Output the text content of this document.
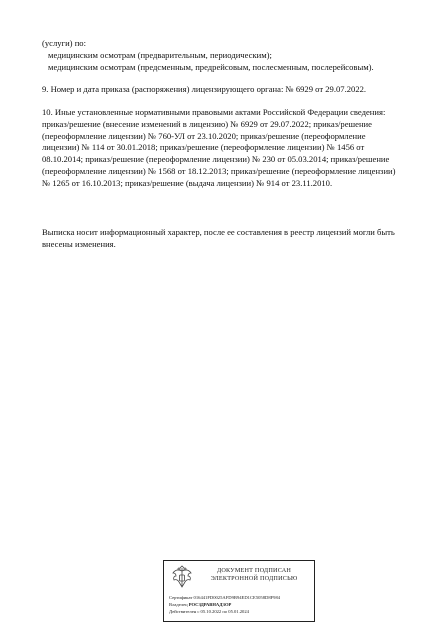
(услуги) по:
медицинским осмотрам (предварительным, периодическим);
медицинским осмотрам (предсменным, предрейсовым, послесменным, послерейсовым).
9. Номер и дата приказа (распоряжения) лицензирующего органа: № 6929 от 29.07.2022.
10. Иные установленные нормативными правовыми актами Российской Федерации сведения:
приказ/решение (внесение изменений в лицензию) № 6929 от 29.07.2022; приказ/решение
(переоформление лицензии) № 760-УЛ от 23.10.2020; приказ/решение (переоформление
лицензии) № 114 от 30.01.2018; приказ/решение (переоформление лицензии) № 1456 от
08.10.2014; приказ/решение (переоформление лицензии) № 230 от 05.03.2014; приказ/решение
(переоформление лицензии) № 1568 от 18.12.2013; приказ/решение (переоформление лицензии)
№ 1265 от 16.10.2013; приказ/решение (выдача лицензии) № 914 от 23.11.2010.
Выписка носит информационный характер, после ее составления в реестр лицензий могли быть
внесены изменения.
ДОКУМЕНТ ПОДПИСАН
ЭЛЕКТРОННОЙ ПОДПИСЬЮ
Сертификат 016441FD0025AFD9B94ED1CE5058D8F984
Владелец РОСЗДРАВНАДЗОР
Действителен с 05.10.2022 по 05.01.2024
